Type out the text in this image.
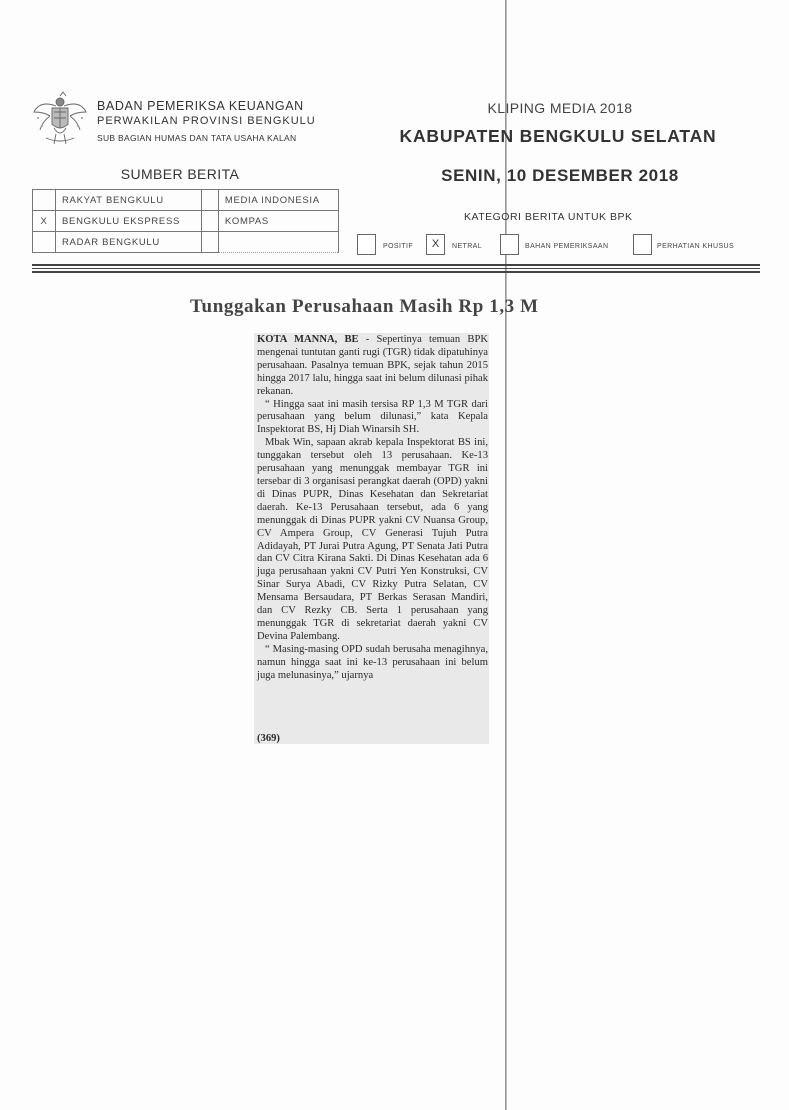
BADAN PEMERIKSA KEUANGAN
PERWAKILAN PROVINSI BENGKULU
SUB BAGIAN HUMAS DAN TATA USAHA KALAN
KLIPING MEDIA 2018
KABUPATEN BENGKULU SELATAN
SENIN, 10 DESEMBER 2018
SUMBER BERITA
	RAKYAT BENGKULU		MEDIA INDONESIA
X	BENGKULU EKSPRESS		KOMPAS
	RADAR BENGKULU		
KATEGORI BERITA UNTUK BPK
POSITIF	X	NETRAL	BAHAN PEMERIKSAAN	PERHATIAN KHUSUS
Tunggakan Perusahaan Masih Rp 1,3 M

KOTA MANNA, BE - Sepertinya temuan BPK mengenai tuntutan ganti rugi (TGR) tidak dipatuhinya perusahaan. Pasalnya temuan BPK, sejak tahun 2015 hingga 2017 lalu, hingga saat ini belum dilunasi pihak rekanan.

“ Hingga saat ini masih tersisa RP 1,3 M TGR dari perusahaan yang belum dilunasi,” kata Kepala Inspektorat BS, Hj Diah Winarsih SH.

Mbak Win, sapaan akrab kepala Inspektorat BS ini, tunggakan tersebut oleh 13 perusahaan. Ke-13 perusahaan yang menunggak membayar TGR ini tersebar di 3 organisasi perangkat daerah (OPD) yakni di Dinas PUPR, Dinas Kesehatan dan Sekretariat daerah. Ke-13 Perusahaan tersebut, ada 6 yang menunggak di Dinas PUPR yakni CV Nuansa Group, CV Ampera Group, CV Generasi Tujuh Putra Adidayah, PT Jurai Putra Agung, PT Senata Jati Putra dan CV Citra Kirana Sakti. Di Dinas Kesehatan ada 6 juga perusahaan yakni CV Putri Yen Konstruksi, CV Sinar Surya Abadi, CV Rizky Putra Selatan, CV Mensama Bersaudara, PT Berkas Serasan Mandiri, dan CV Rezky CB. Serta 1 perusahaan yang menunggak TGR di sekretariat daerah yakni CV Devina Palembang.

“ Masing-masing OPD sudah berusaha menagihnya, namun hingga saat ini ke-13 perusahaan ini belum juga melunasinya,” ujarnya

(369)
